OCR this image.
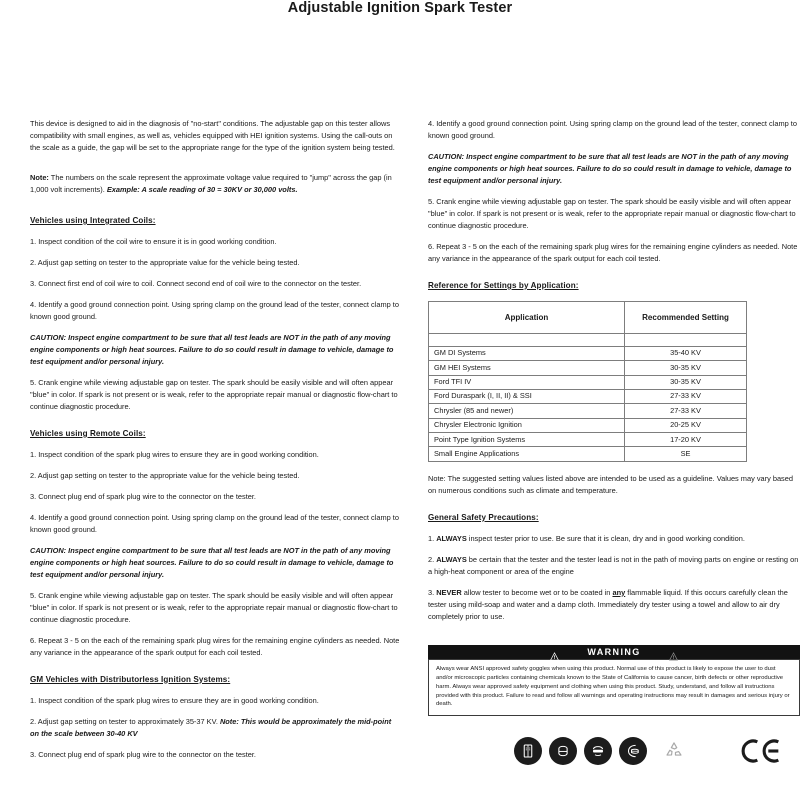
Adjustable Ignition Spark Tester

This device is designed to aid in the diagnosis of "no-start" conditions. The adjustable gap on this tester allows compatibility with small engines, as well as, vehicles equipped with HEI ignition systems. Using the call-outs on the scale as a guide, the gap will be set to the appropriate range for the type of the ignition system being tested.

Note: The numbers on the scale represent the approximate voltage value required to "jump" across the gap (in 1,000 volt increments). Example: A scale reading of 30 = 30KV or 30,000 volts.

Vehicles using Integrated Coils:

1. Inspect condition of the coil wire to ensure it is in good working condition.

2. Adjust gap setting on tester to the appropriate value for the vehicle being tested.

3. Connect first end of coil wire to coil. Connect second end of coil wire to the connector on the tester.

4. Identify a good ground connection point. Using spring clamp on the ground lead of the tester, connect clamp to known good ground.

CAUTION: Inspect engine compartment to be sure that all test leads are NOT in the path of any moving engine components or high heat sources. Failure to do so could result in damage to vehicle, damage to test equipment and/or personal injury.

5. Crank engine while viewing adjustable gap on tester. The spark should be easily visible and will often appear "blue" in color. If spark is not present or is weak, refer to the appropriate repair manual or diagnostic flow-chart to continue diagnostic procedure.

Vehicles using Remote Coils:

1. Inspect condition of the spark plug wires to ensure they are in good working condition.

2. Adjust gap setting on tester to the appropriate value for the vehicle being tested.

3. Connect plug end of spark plug wire to the connector on the tester.

4. Identify a good ground connection point. Using spring clamp on the ground lead of the tester, connect clamp to known good ground.

CAUTION: Inspect engine compartment to be sure that all test leads are NOT in the path of any moving engine components or high heat sources. Failure to do so could result in damage to vehicle, damage to test equipment and/or personal injury.

5. Crank engine while viewing adjustable gap on tester. The spark should be easily visible and will often appear "blue" in color. If spark is not present or is weak, refer to the appropriate repair manual or diagnostic flow-chart to continue diagnostic procedure.

6. Repeat 3 - 5 on the each of the remaining spark plug wires for the remaining engine cylinders as needed. Note any variance in the appearance of the spark output for each coil tested.

GM Vehicles with Distributorless Ignition Systems:

1. Inspect condition of the spark plug wires to ensure they are in good working condition.

2. Adjust gap setting on tester to approximately 35-37 KV. Note: This would be approximately the mid-point on the scale between 30-40 KV

3. Connect plug end of spark plug wire to the connector on the tester.

4. Identify a good ground connection point. Using spring clamp on the ground lead of the tester, connect clamp to known good ground.

CAUTION: Inspect engine compartment to be sure that all test leads are NOT in the path of any moving engine components or high heat sources. Failure to do so could result in damage to vehicle, damage to test equipment and/or personal injury.

5. Crank engine while viewing adjustable gap on tester. The spark should be easily visible and will often appear "blue" in color. If spark is not present or is weak, refer to the appropriate repair manual or diagnostic flow-chart to continue diagnostic procedure.

6. Repeat 3 - 5 on the each of the remaining spark plug wires for the remaining engine cylinders as needed. Note any variance in the appearance of the spark output for each coil tested.

Reference for Settings by Application:
Application	Recommended Setting

GM DI Systems	35-40 KV
GM HEI Systems	30-35 KV
Ford TFI IV	30-35 KV
Ford Duraspark (I, II, II) & SSI	27-33 KV
Chrysler (85 and newer)	27-33 KV
Chrysler Electronic Ignition	20-25 KV
Point Type Ignition Systems	17-20 KV
Small Engine Applications	SE

Note: The suggested setting values listed above are intended to be used as a guideline. Values may vary based on numerous conditions such as climate and temperature.

General Safety Precautions:

1. ALWAYS inspect tester prior to use. Be sure that it is clean, dry and in good working condition.

2. ALWAYS be certain that the tester and the tester lead is not in the path of moving parts on engine or resting on a high-heat component or area of the engine

3. NEVER allow tester to become wet or to be coated in any flammable liquid. If this occurs carefully clean the tester using mild-soap and water and a damp cloth. Immediately dry tester using a towel and allow to air dry completely prior to use.

WARNING

Always wear ANSI approved safety goggles when using this product. Normal use of this product is likely to expose the user to dust and/or microscopic particles containing chemicals known to the State of California to cause cancer, birth defects or other reproductive harm. Always wear approved safety equipment and clothing when using this product. Study, understand, and follow all instructions provided with this product. Failure to read and follow all warnings and operating instructions may result in damages and serious injury or death.
